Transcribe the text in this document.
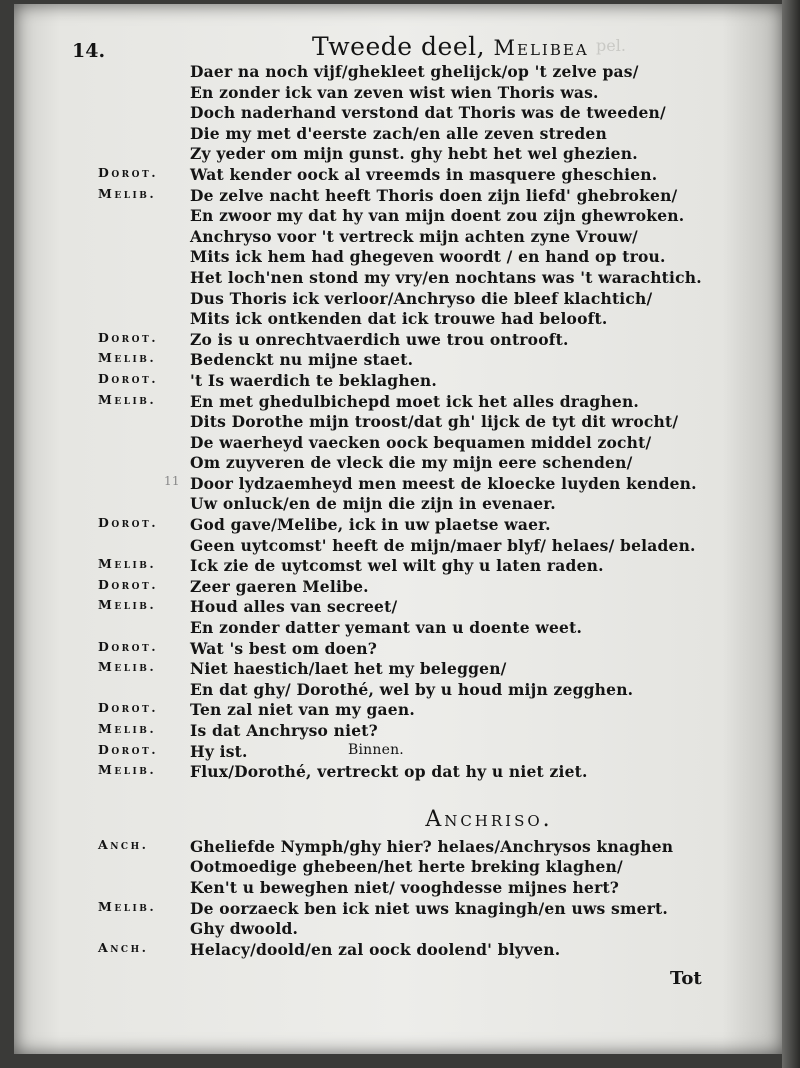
14.	Tweede deel, Melibea pel.
Daer na noch vijf/ghekleet ghelijck/op 't zelve pas/
En zonder ick van zeven wist wien Thoris was.
Doch naderhand verstond dat Thoris was de tweeden/
Die my met d'eerste zach/en alle zeven streden
Zy yeder om mijn gunst. ghy hebt het wel ghezien.
Dorot. Wat kender oock al vreemds in masquere gheschien.
Melib. De zelve nacht heeft Thoris doen zijn liefd' ghebroken/
En zwoor my dat hy van mijn doent zou zijn ghewroken.
Anchryso voor 't vertreck mijn achten zyne Vrouw/
Mits ick hem had ghegeven woordt / en hand op trou.
Het loch'nen stond my vry/en nochtans was 't warachtich.
Dus Thoris ick verloor/Anchryso die bleef klachtich/
Mits ick ontkenden dat ick trouwe had belooft.
Dorot. Zo is u onrechtvaerdich uwe trou ontrooft.
Melib. Bedenckt nu mijne staet.
Dorot. 't Is waerdich te beklaghen.
Melib. En met ghedulbichepd moet ick het alles draghen.
Dits Dorothe mijn troost/dat gh' lijck de tyt dit wrocht/
De waerheyd vaecken oock bequamen middel zocht/
Om zuyveren de vleck die my mijn eere schenden/
11 Door lydzaemheyd men meest de kloecke luyden kenden.
Uw onluck/en de mijn die zijn in evenaer.
Dorot. God gave/Melibe, ick in uw plaetse waer.
Geen uytcomst' heeft de mijn/maer blyf/ helaes/ beladen.
Melib. Ick zie de uytcomst wel wilt ghy u laten raden.
Dorot. Zeer gaeren Melibe.
Melib. Houd alles van secreet/
En zonder datter yemant van u doente weet.
Dorot. Wat 's best om doen?
Melib. Niet haestich/laet het my beleggen/
En dat ghy/ Dorothé, wel by u houd mijn zegghen.
Dorot. Ten zal niet van my gaen.
Melib. Is dat Anchryso niet?
Dorot. Hy ist.	Binnen.
Melib. Flux/Dorothé, vertreckt op dat hy u niet ziet.
Anchriso.
Anch.	Gheliefde Nymph/ghy hier? helaes/Anchrysos knaghen
Ootmoedige ghebeen/het herte breking klaghen/
Ken't u beweghen niet/ vooghdesse mijnes hert?
Melib. De oorzaeck ben ick niet uws knagingh/en uws smert.
Ghy dwoold.
Anch.	Helacy/doold/en zal oock doolend' blyven.
Tot
